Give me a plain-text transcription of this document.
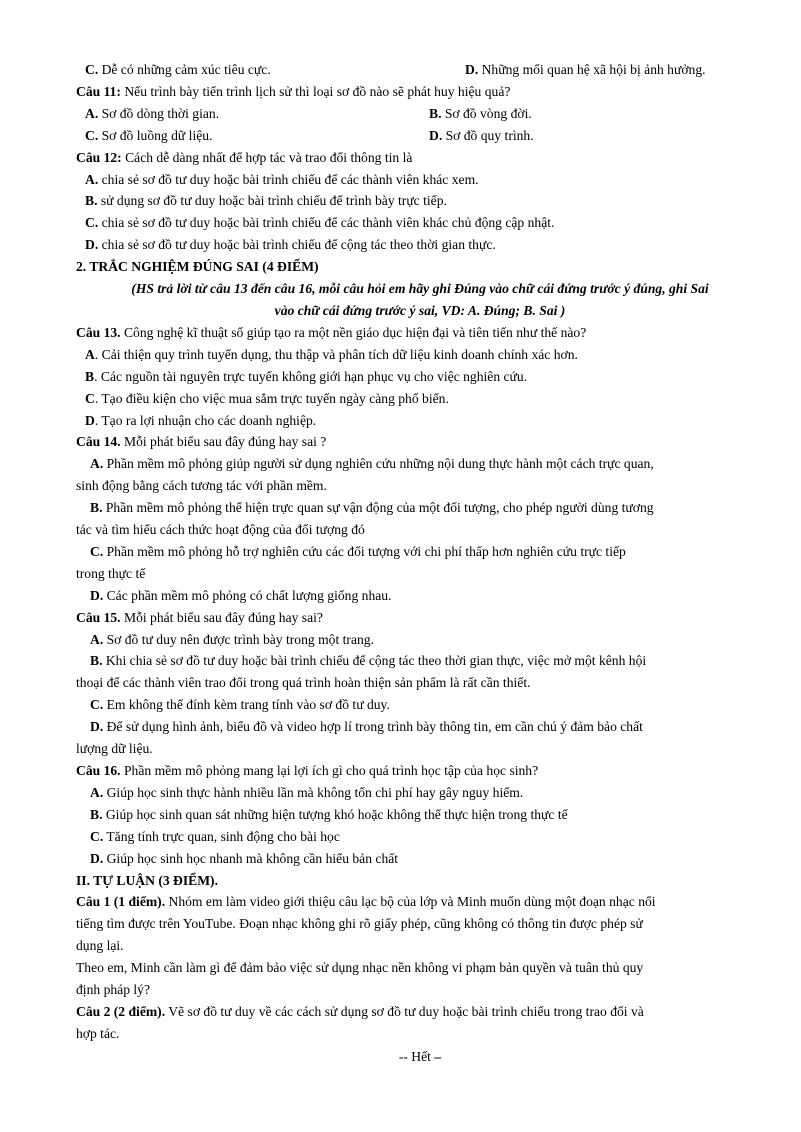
C. Dễ có những cảm xúc tiêu cực.	D. Những mối quan hệ xã hội bị ảnh hưởng.
Câu 11: Nếu trình bày tiến trình lịch sử thì loại sơ đồ nào sẽ phát huy hiệu quả?
A. Sơ đồ dòng thời gian.	B. Sơ đồ vòng đời.
C. Sơ đồ luồng dữ liệu.	D. Sơ đồ quy trình.
Câu 12: Cách dễ dàng nhất để hợp tác và trao đổi thông tin là
A. chia sẻ sơ đồ tư duy hoặc bài trình chiếu để các thành viên khác xem.
B. sử dụng sơ đồ tư duy hoặc bài trình chiếu để trình bày trực tiếp.
C. chia sẻ sơ đồ tư duy hoặc bài trình chiếu để các thành viên khác chủ động cập nhật.
D. chia sẻ sơ đồ tư duy hoặc bài trình chiếu để cộng tác theo thời gian thực.
2. TRẮC NGHIỆM ĐÚNG SAI (4 ĐIỂM)
(HS trả lời từ câu 13 đến câu 16, mỗi câu hỏi em hãy ghi Đúng vào chữ cái đứng trước ý đúng, ghi Sai
vào chữ cái đứng trước ý sai, VD: A. Đúng; B. Sai )
Câu 13. Công nghệ kĩ thuật số giúp tạo ra một nền giáo dục hiện đại và tiên tiến như thế nào?
A. Cải thiện quy trình tuyển dụng, thu thập và phân tích dữ liệu kinh doanh chính xác hơn.
B. Các nguồn tài nguyên trực tuyến không giới hạn phục vụ cho việc nghiên cứu.
C. Tạo điều kiện cho việc mua sắm trực tuyến ngày càng phổ biến.
D. Tạo ra lợi nhuận cho các doanh nghiệp.
Câu 14. Mỗi phát biểu sau đây đúng hay sai ?
A. Phần mềm mô phỏng giúp người sử dụng nghiên cứu những nội dung thực hành một cách trực quan,
sinh động bằng cách tương tác với phần mềm.
B. Phần mềm mô phỏng thể hiện trực quan sự vận động của một đối tượng, cho phép người dùng tương
tác và tìm hiểu cách thức hoạt động của đối tượng đó
C. Phần mềm mô phỏng hỗ trợ nghiên cứu các đối tượng với chi phí thấp hơn nghiên cứu trực tiếp
trong thực tế
D. Các phần mềm mô phỏng có chất lượng giống nhau.
Câu 15. Mỗi phát biểu sau đây đúng hay sai?
A. Sơ đồ tư duy nên được trình bày trong một trang.
B. Khi chia sẻ sơ đồ tư duy hoặc bài trình chiếu để cộng tác theo thời gian thực, việc mở một kênh hội
thoại để các thành viên trao đổi trong quá trình hoàn thiện sản phẩm là rất cần thiết.
C. Em không thể đính kèm trang tính vào sơ đồ tư duy.
D. Để sử dụng hình ảnh, biểu đồ và video hợp lí trong trình bày thông tin, em cần chú ý đảm bảo chất
lượng dữ liệu.
Câu 16. Phần mềm mô phỏng mang lại lợi ích gì cho quá trình học tập của học sinh?
A. Giúp học sinh thực hành nhiều lần mà không tốn chi phí hay gây nguy hiểm.
B. Giúp học sinh quan sát những hiện tượng khó hoặc không thể thực hiện trong thực tế
C. Tăng tính trực quan, sinh động cho bài học
D. Giúp học sinh học nhanh mà không cần hiểu bản chất
II. TỰ LUẬN (3 ĐIỂM).
Câu 1 (1 điểm). Nhóm em làm video giới thiệu câu lạc bộ của lớp và Minh muốn dùng một đoạn nhạc nổi
tiếng tìm được trên YouTube. Đoạn nhạc không ghi rõ giấy phép, cũng không có thông tin được phép sử
dụng lại.
Theo em, Minh cần làm gì để đảm bảo việc sử dụng nhạc nền không vi phạm bản quyền và tuân thủ quy
định pháp lý?
Câu 2 (2 điểm). Vẽ sơ đồ tư duy về các cách sử dụng sơ đồ tư duy hoặc bài trình chiếu trong trao đổi và
hợp tác.
-- Hết –
